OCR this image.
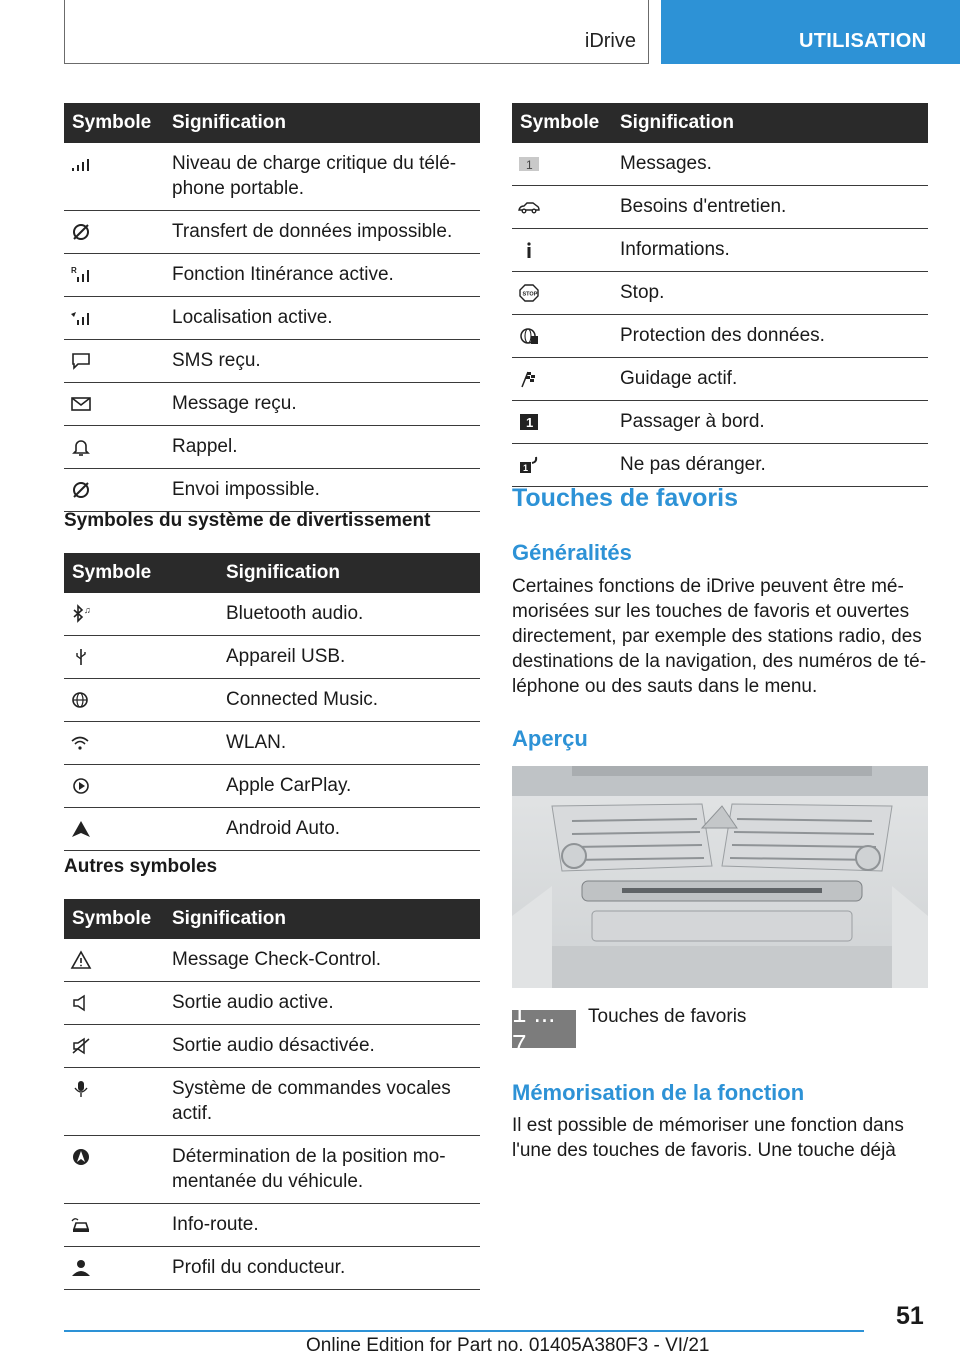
iDrive	UTILISATION
Symbole	Signification

	Niveau de charge critique du télé-phone portable.

	Transfert de données impossible.

R	Fonction Itinérance active.

	Localisation active.

	SMS reçu.

	Message reçu.

	Rappel.

	Envoi impossible.
Symboles du système de divertissement
Symbole	Signification

♫	Bluetooth audio.

	Appareil USB.

	Connected Music.

	WLAN.

	Apple CarPlay.

	Android Auto.
Autres symboles
Symbole	Signification

	Message Check-Control.

	Sortie audio active.

	Sortie audio désactivée.

	Système de commandes vocales actif.

	Détermination de la position mo-mentanée du véhicule.

	Info-route.

	Profil du conducteur.
Symbole	Signification

1	Messages.

	Besoins d'entretien.

	Informations.

STOP	Stop.

	Protection des données.

	Guidage actif.

1	Passager à bord.

1	Ne pas déranger.
Touches de favoris
Généralités
Certaines fonctions de iDrive peuvent être mé-morisées sur les touches de favoris et ouvertes directement, par exemple des stations radio, des destinations de la navigation, des numéros de té-léphone ou des sauts dans le menu.
Aperçu
1 ... 7
Touches de favoris
Mémorisation de la fonction
Il est possible de mémoriser une fonction dans l'une des touches de favoris. Une touche déjà
51
Online Edition for Part no. 01405A380F3 - VI/21
